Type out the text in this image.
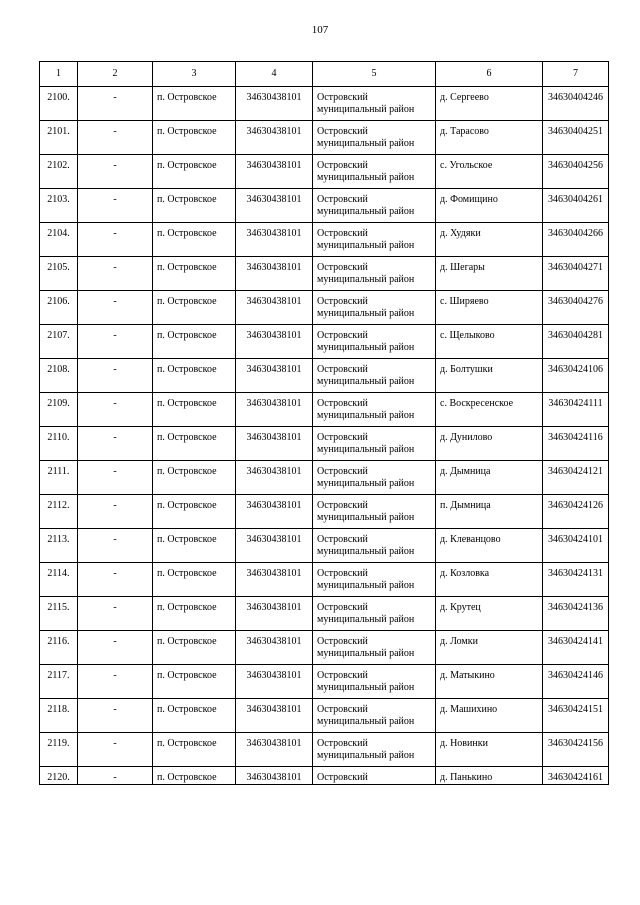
107
1	2	3	4	5	6	7
2100.	-	п. Островское	34630438101	Островский муниципальный район	д. Сергеево	34630404246
2101.	-	п. Островское	34630438101	Островский муниципальный район	д. Тарасово	34630404251
2102.	-	п. Островское	34630438101	Островский муниципальный район	с. Угольское	34630404256
2103.	-	п. Островское	34630438101	Островский муниципальный район	д. Фомищино	34630404261
2104.	-	п. Островское	34630438101	Островский муниципальный район	д. Худяки	34630404266
2105.	-	п. Островское	34630438101	Островский муниципальный район	д. Шегары	34630404271
2106.	-	п. Островское	34630438101	Островский муниципальный район	с. Ширяево	34630404276
2107.	-	п. Островское	34630438101	Островский муниципальный район	с. Щелыково	34630404281
2108.	-	п. Островское	34630438101	Островский муниципальный район	д. Болтушки	34630424106
2109.	-	п. Островское	34630438101	Островский муниципальный район	с. Воскресенское	34630424111
2110.	-	п. Островское	34630438101	Островский муниципальный район	д. Дунилово	34630424116
2111.	-	п. Островское	34630438101	Островский муниципальный район	д. Дымница	34630424121
2112.	-	п. Островское	34630438101	Островский муниципальный район	п. Дымница	34630424126
2113.	-	п. Островское	34630438101	Островский муниципальный район	д. Клеванцово	34630424101
2114.	-	п. Островское	34630438101	Островский муниципальный район	д. Козловка	34630424131
2115.	-	п. Островское	34630438101	Островский муниципальный район	д. Крутец	34630424136
2116.	-	п. Островское	34630438101	Островский муниципальный район	д. Ломки	34630424141
2117.	-	п. Островское	34630438101	Островский муниципальный район	д. Матыкино	34630424146
2118.	-	п. Островское	34630438101	Островский муниципальный район	д. Машихино	34630424151
2119.	-	п. Островское	34630438101	Островский муниципальный район	д. Новинки	34630424156
2120.	-	п. Островское	34630438101	Островский	д. Панькино	34630424161
